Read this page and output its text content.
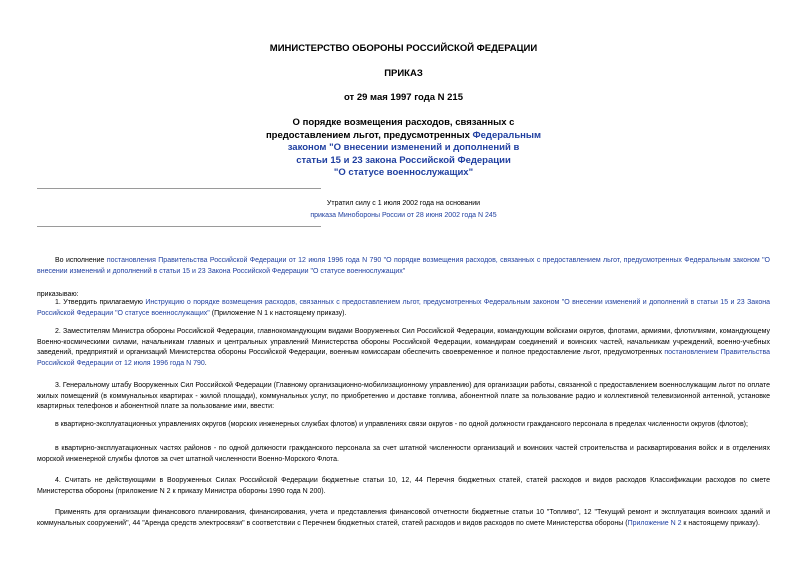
МИНИСТЕРСТВО ОБОРОНЫ РОССИЙСКОЙ ФЕДЕРАЦИИ
ПРИКАЗ
от 29 мая 1997 года N 215
О порядке возмещения расходов, связанных с
предоставлением льгот, предусмотренных Федеральным
законом "О внесении изменений и дополнений в
статьи 15 и 23 закона Российской Федерации
"О статусе военнослужащих"
Утратил силу с 1 июля 2002 года на основании
приказа Минобороны России от 28 июня 2002 года N 245
Во исполнение постановления Правительства Российской Федерации от 12 июля 1996 года N 790 "О порядке возмещения расходов, связанных с предоставлением льгот, предусмотренных Федеральным законом "О внесении изменений и дополнений в статьи 15 и 23 Закона Российской Федерации "О статусе военнослужащих"
приказываю:
1. Утвердить прилагаемую Инструкцию о порядке возмещения расходов, связанных с предоставлением льгот, предусмотренных Федеральным законом "О внесении изменений и дополнений в статьи 15 и 23 Закона Российской Федерации "О статусе военнослужащих" (Приложение N 1 к настоящему приказу).
2. Заместителям Министра обороны Российской Федерации, главнокомандующим видами Вооруженных Сил Российской Федерации, командующим войсками округов, флотами, армиями, флотилиями, командующему Военно-космическими силами, начальникам главных и центральных управлений Министерства обороны Российской Федерации, командирам соединений и воинских частей, начальникам учреждений, военно-учебных заведений, предприятий и организаций Министерства обороны Российской Федерации, военным комиссарам обеспечить своевременное и полное предоставление льгот, предусмотренных постановлением Правительства Российской Федерации от 12 июля 1996 года N 790.
3. Генеральному штабу Вооруженных Сил Российской Федерации (Главному организационно-мобилизационному управлению) для организации работы, связанной с предоставлением военнослужащим льгот по оплате жилых помещений (в коммунальных квартирах - жилой площади), коммунальных услуг, по приобретению и доставке топлива, абонентной плате за пользование радио и коллективной телевизионной антенной, установке квартирных телефонов и абонентной плате за пользование ими, ввести:
в квартирно-эксплуатационных управлениях округов (морских инженерных службах флотов) и управлениях связи округов - по одной должности гражданского персонала в пределах численности округов (флотов);
в квартирно-эксплуатационных частях районов - по одной должности гражданского персонала за счет штатной численности организаций и воинских частей строительства и расквартирования войск и в отделениях морской инженерной службы флотов за счет штатной численности Военно-Морского Флота.
4. Считать не действующими в Вооруженных Силах Российской Федерации бюджетные статьи 10, 12, 44 Перечня бюджетных статей, статей расходов и видов расходов Классификации расходов по смете Министерства обороны (приложение N 2 к приказу Министра обороны 1990 года N 200).
Применять для организации финансового планирования, финансирования, учета и представления финансовой отчетности бюджетные статьи 10 "Топливо", 12 "Текущий ремонт и эксплуатация воинских зданий и коммунальных сооружений", 44 "Аренда средств электросвязи" в соответствии с Перечнем бюджетных статей, статей расходов и видов расходов по смете Министерства обороны (Приложение N 2 к настоящему приказу).
